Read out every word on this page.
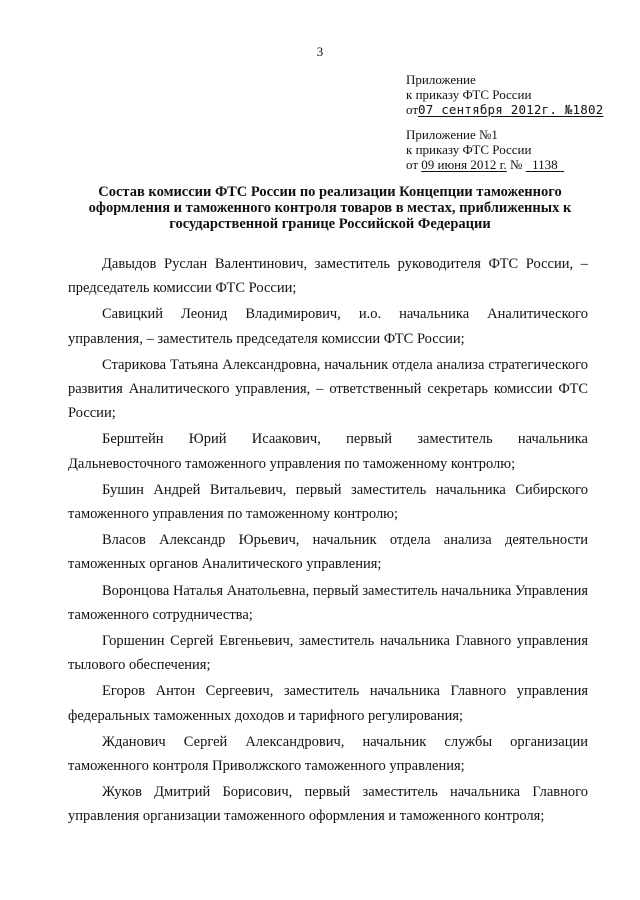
3
Приложение
к приказу ФТС России
от07 сентября 2012г. №1802
Приложение №1
к приказу ФТС России
от 09 июня 2012 г. №   1138
Состав комиссии ФТС России по реализации Концепции таможенного оформления и таможенного контроля товаров в местах, приближенных к государственной границе Российской Федерации

Давыдов Руслан Валентинович, заместитель руководителя ФТС России, – председатель комиссии ФТС России;

Савицкий Леонид Владимирович, и.о. начальника Аналитического управления, – заместитель председателя комиссии ФТС России;

Старикова Татьяна Александровна, начальник отдела анализа стратегического развития Аналитического управления, – ответственный секретарь комиссии ФТС России;

Берштейн Юрий Исаакович, первый заместитель начальника Дальневосточного таможенного управления по таможенному контролю;

Бушин Андрей Витальевич, первый заместитель начальника Сибирского таможенного управления по таможенному контролю;

Власов Александр Юрьевич, начальник отдела анализа деятельности таможенных органов Аналитического управления;

Воронцова Наталья Анатольевна, первый заместитель начальника Управления таможенного сотрудничества;

Горшенин Сергей Евгеньевич, заместитель начальника Главного управления тылового обеспечения;

Егоров Антон Сергеевич, заместитель начальника Главного управления федеральных таможенных доходов и тарифного регулирования;

Жданович Сергей Александрович, начальник службы организации таможенного контроля Приволжского таможенного управления;

Жуков Дмитрий Борисович, первый заместитель начальника Главного управления организации таможенного оформления и таможенного контроля;
